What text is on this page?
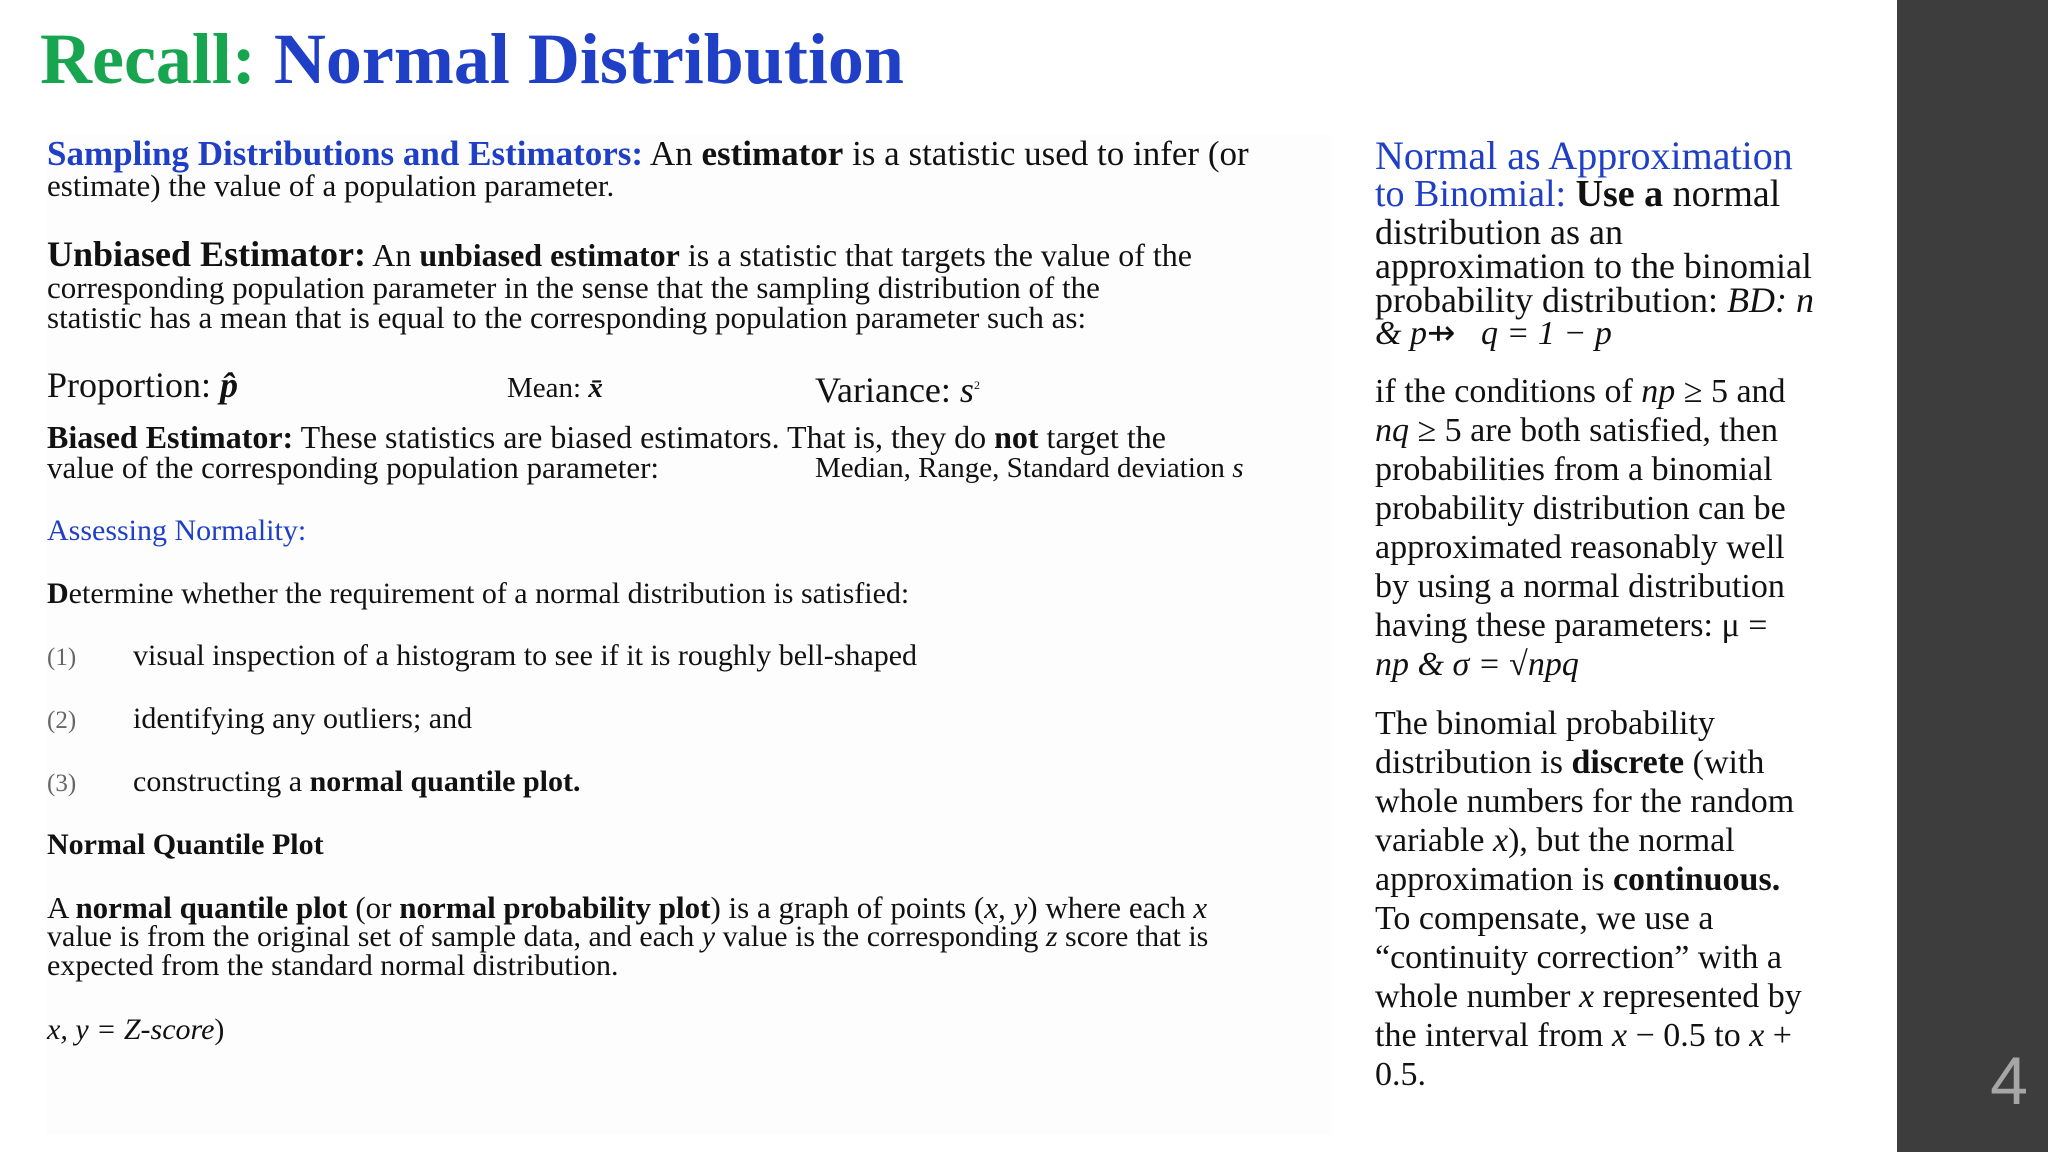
4
Recall: Normal Distribution

Sampling Distributions and Estimators: An estimator is a statistic used to infer (or

estimate) the value of a population parameter.

Unbiased Estimator: An unbiased estimator is a statistic that targets the value of the

corresponding population parameter in the sense that the sampling distribution of the

statistic has a mean that is equal to the corresponding population parameter such as:

Proportion: p̂	Mean: x̄	Variance: $s^2$

Biased Estimator: These statistics are biased estimators. That is, they do not target the

value of the corresponding population parameter:	Median, Range, Standard deviation s

Assessing Normality:

Determine whether the requirement of a normal distribution is satisfied:

(1) visual inspection of a histogram to see if it is roughly bell-shaped

(2) identifying any outliers; and

(3) constructing a normal quantile plot.

Normal Quantile Plot

A normal quantile plot (or normal probability plot) is a graph of points (x, y) where each x

value is from the original set of sample data, and each y value is the corresponding z score that is

expected from the standard normal distribution.

x, y = Z-score)

Normal as Approximation

to Binomial: Use a normal

distribution as an

approximation to the binomial

probability distribution: BD: n

& p⇸ q = 1 − p

if the conditions of np ≥ 5 and

nq ≥ 5 are both satisfied, then

probabilities from a binomial

probability distribution can be

approximated reasonably well

by using a normal distribution

having these parameters: μ =

np & σ = √npq

The binomial probability

distribution is discrete (with

whole numbers for the random

variable x), but the normal

approximation is continuous.

To compensate, we use a

“continuity correction” with a

whole number x represented by

the interval from x − 0.5 to x +

0.5.
